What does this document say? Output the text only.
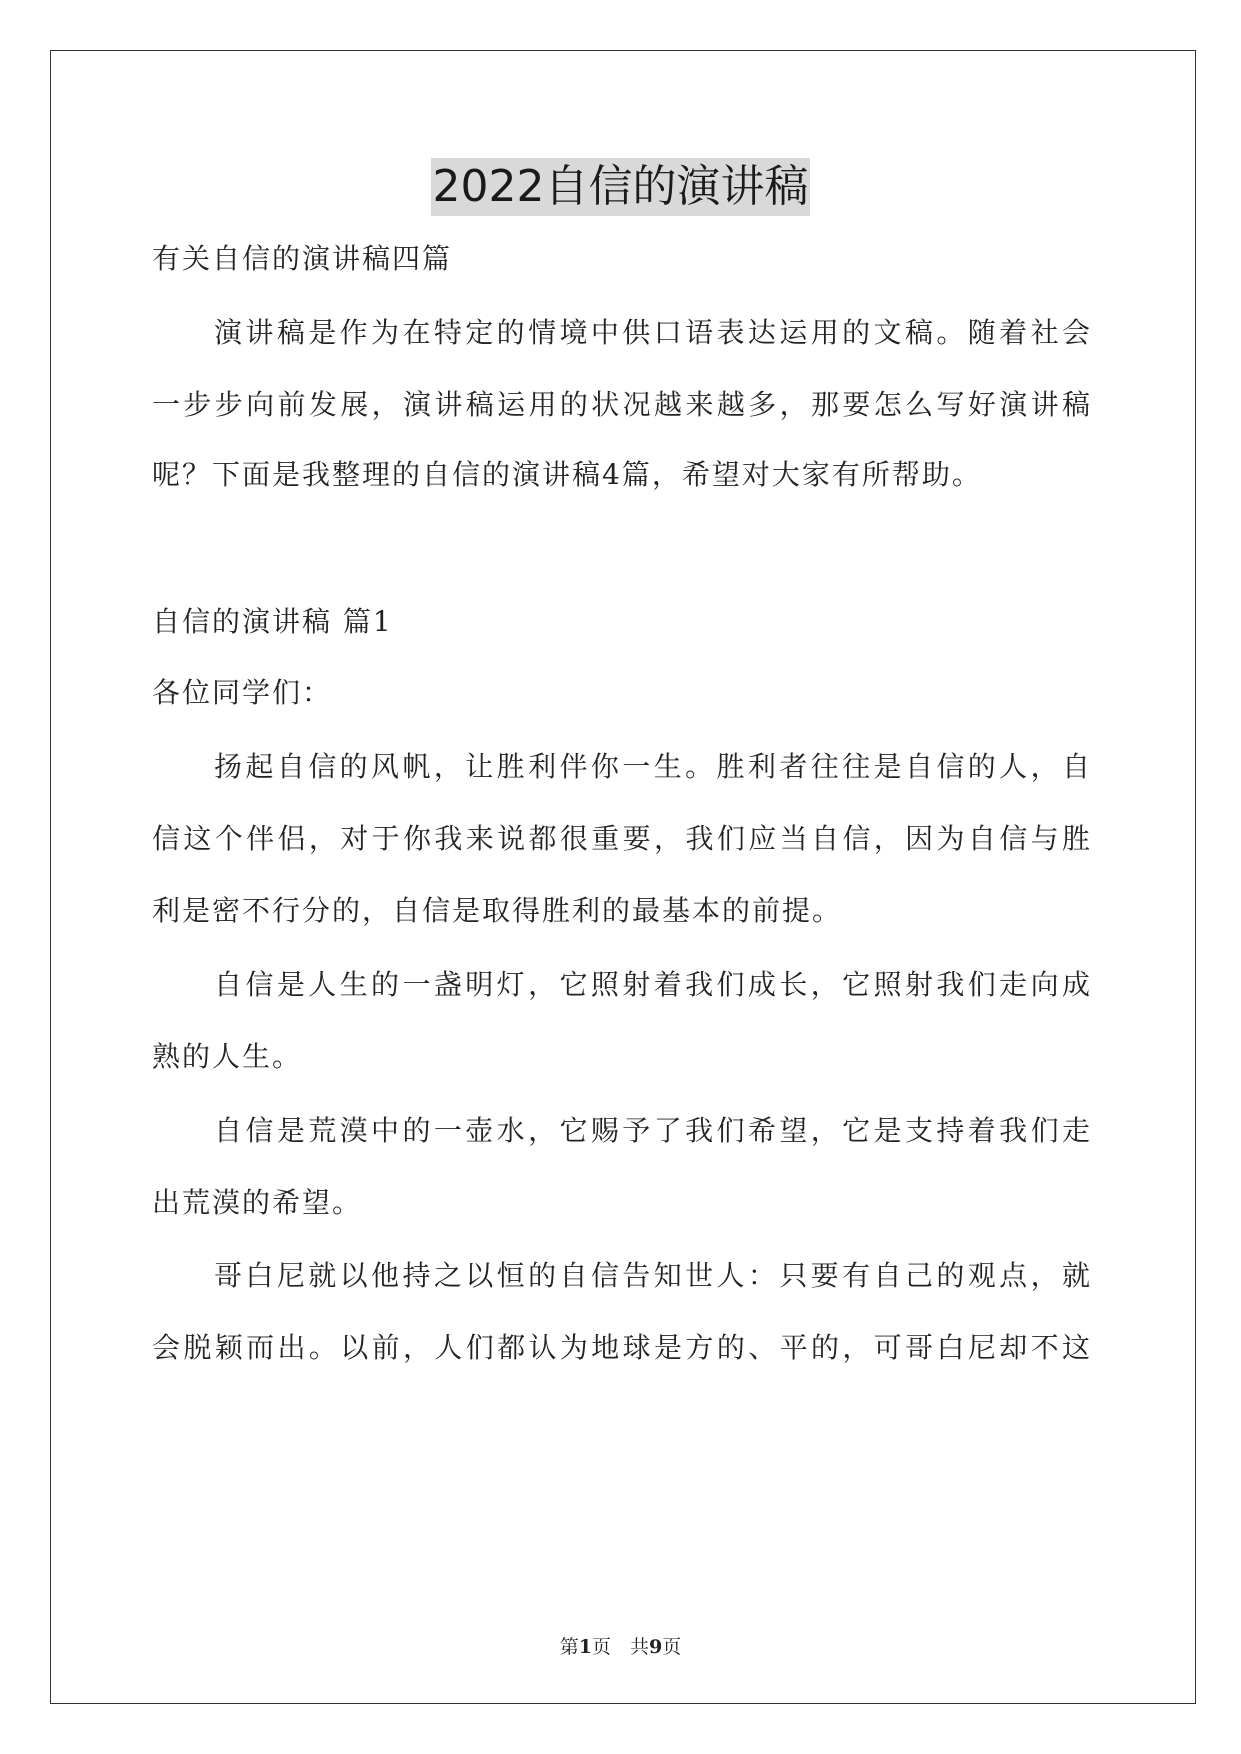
2022自信的演讲稿
有关自信的演讲稿四篇
演讲稿是作为在特定的情境中供口语表达运用的文稿。随着社会
一步步向前发展，演讲稿运用的状况越来越多，那要怎么写好演讲稿
呢？下面是我整理的自信的演讲稿4篇，希望对大家有所帮助。
自信的演讲稿 篇1
各位同学们：
扬起自信的风帆，让胜利伴你一生。胜利者往往是自信的人，自
信这个伴侣，对于你我来说都很重要，我们应当自信，因为自信与胜
利是密不行分的，自信是取得胜利的最基本的前提。
自信是人生的一盏明灯，它照射着我们成长，它照射我们走向成
熟的人生。
自信是荒漠中的一壶水，它赐予了我们希望，它是支持着我们走
出荒漠的希望。
哥白尼就以他持之以恒的自信告知世人：只要有自己的观点，就
会脱颖而出。以前，人们都认为地球是方的、平的，可哥白尼却不这
第1页　共9页
